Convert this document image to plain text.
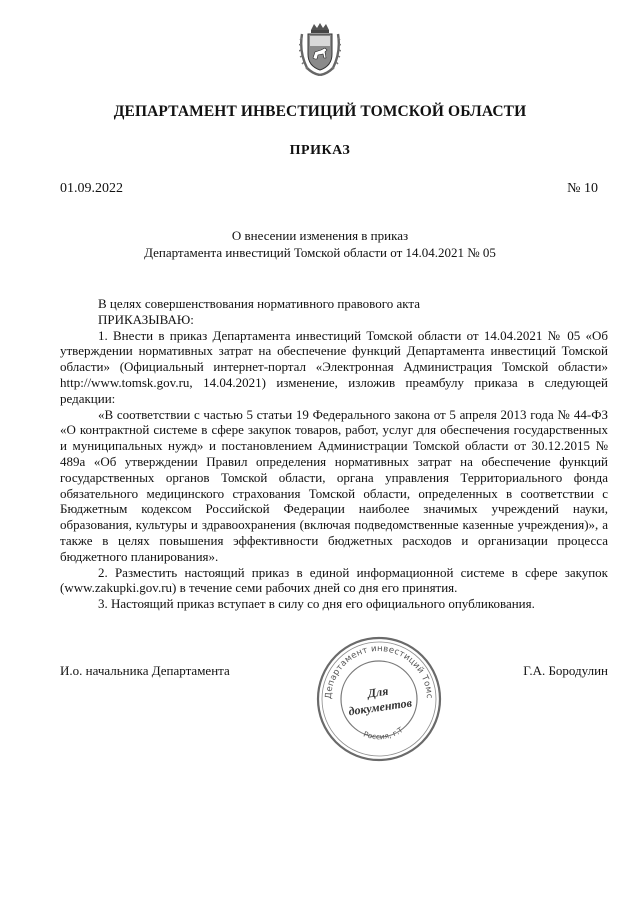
ДЕПАРТАМЕНТ ИНВЕСТИЦИЙ ТОМСКОЙ ОБЛАСТИ
ПРИКАЗ
01.09.2022	№ 10
О внесении изменения в приказ
Департамента инвестиций Томской области от 14.04.2021 № 05

В целях совершенствования нормативного правового акта

ПРИКАЗЫВАЮ:

1. Внести в приказ Департамента инвестиций Томской области от 14.04.2021 № 05 «Об утверждении нормативных затрат на обеспечение функций Департамента инвестиций Томской области» (Официальный интернет-портал «Электронная Администрация Томской области» http://www.tomsk.gov.ru, 14.04.2021) изменение, изложив преамбулу приказа в следующей редакции:

«В соответствии с частью 5 статьи 19 Федерального закона от 5 апреля 2013 года № 44-ФЗ «О контрактной системе в сфере закупок товаров, работ, услуг для обеспечения государственных и муниципальных нужд» и постановлением Администрации Томской области от 30.12.2015 № 489а «Об утверждении Правил определения нормативных затрат на обеспечение функций государственных органов Томской области, органа управления Территориального фонда обязательного медицинского страхования Томской области, определенных в соответствии с Бюджетным кодексом Российской Федерации наиболее значимых учреждений науки, образования, культуры и здравоохранения (включая подведомственные казенные учреждения)», а также в целях повышения эффективности бюджетных расходов и организации процесса бюджетного планирования».

2. Разместить настоящий приказ в единой информационной системе в сфере закупок (www.zakupki.gov.ru) в течение семи рабочих дней со дня его принятия.

3. Настоящий приказ вступает в силу со дня его официального опубликования.

И.о. начальника Департамента	Г.А. Бородулин
Департамент инвестиций Томс
Россия, г.Т
Для
документов
